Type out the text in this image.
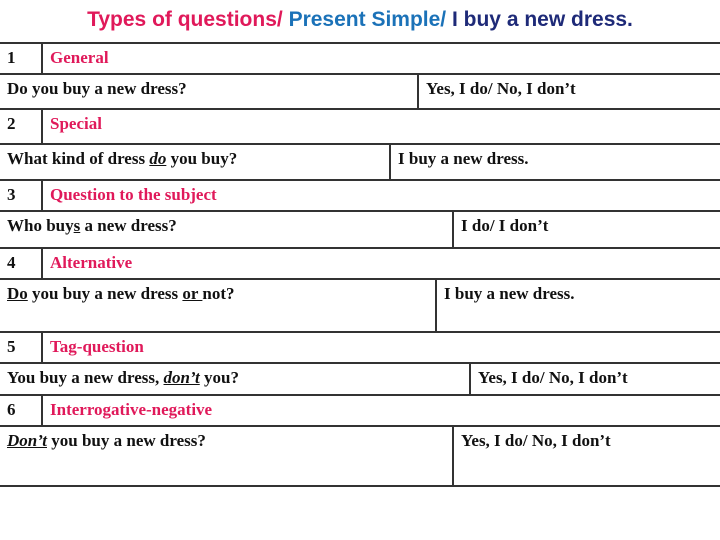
Types of questions/ Present Simple/ I buy a new dress.
1	General
Do you buy a new dress?	Yes, I do/ No, I don’t
2	Special
What kind of dress do you buy?	I buy a new dress.
3	Question to the subject
Who buys a new dress?	I do/ I don’t
4	Alternative
Do you buy a new dress or not?	I buy a new dress.
5	Tag-question
You buy a new dress, don’t you?	Yes, I do/ No, I don’t
6	Interrogative-negative
Don’t you buy a new dress?	Yes, I do/ No, I don’t
